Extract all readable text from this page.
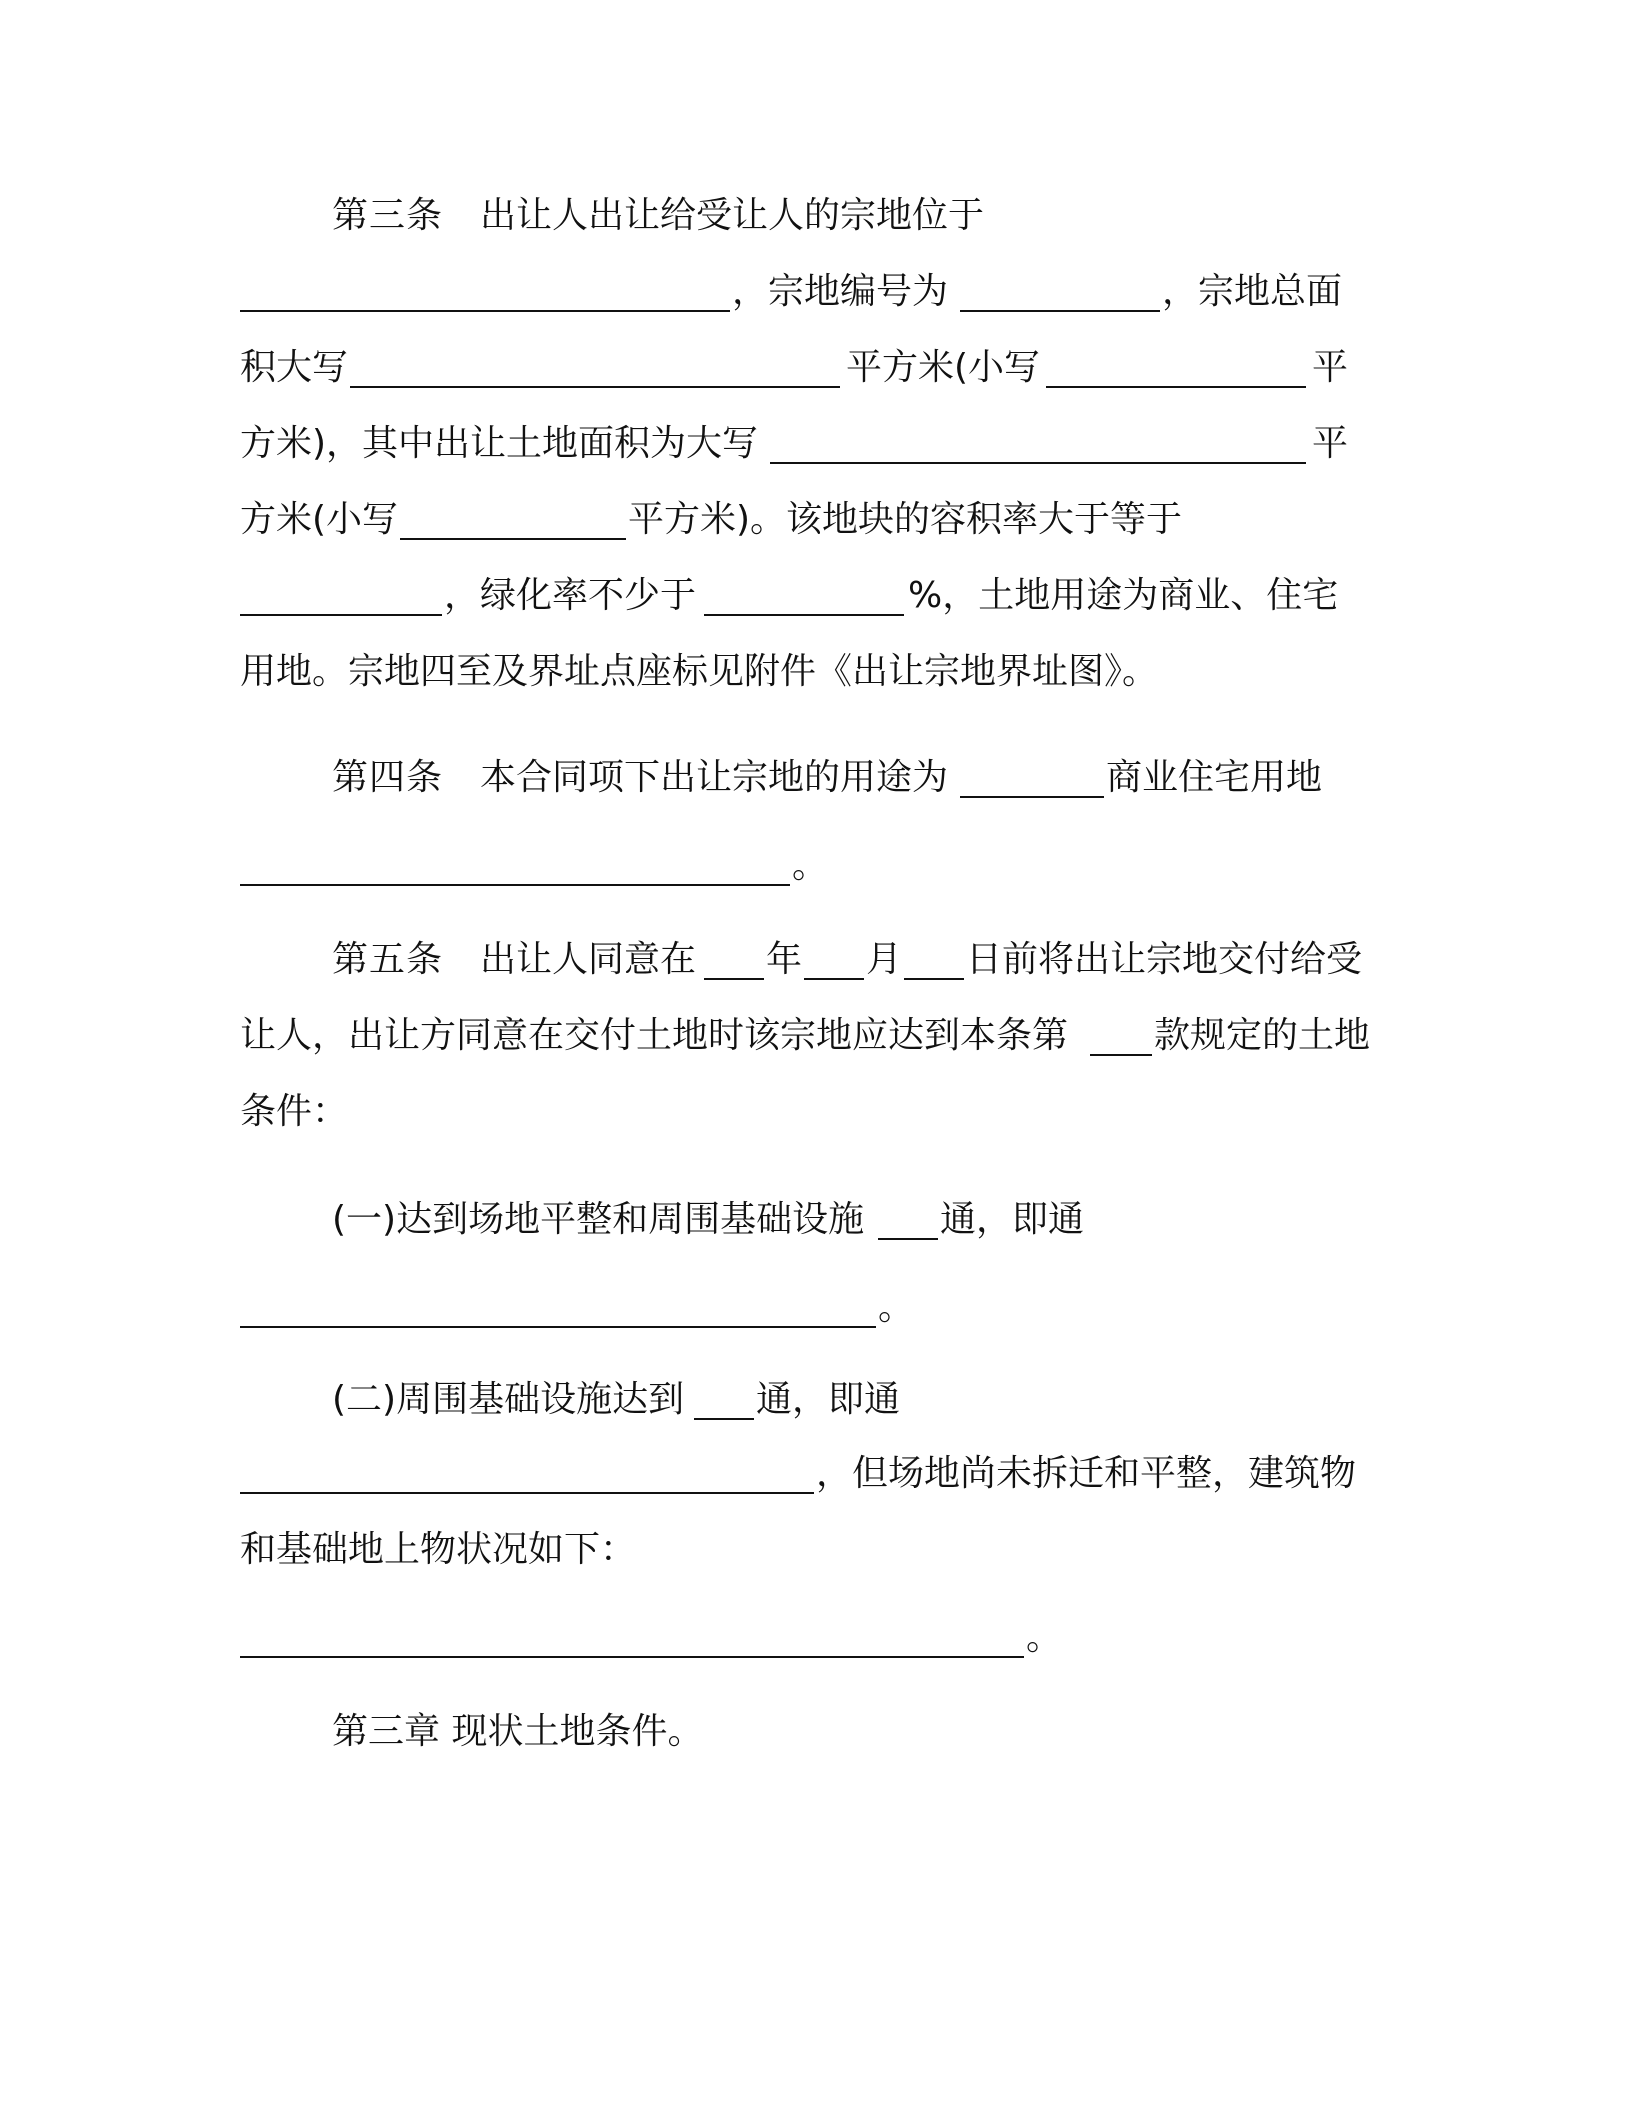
第三条 出让人出让给受让人的宗地位于
，宗地编号为	，宗地总面
积大写	平方米(小写	平
方米)，其中出让土地面积为大写	平
方米(小写	平方米)。该地块的容积率大于等于
，绿化率不少于	%，土地用途为商业、住宅
用地。宗地四至及界址点座标见附件《出让宗地界址图》。
第四条 本合同项下出让宗地的用途为	商业住宅用地
。
第五条 出让人同意在 年 月 日前将出让宗地交付给受
让人，出让方同意在交付土地时该宗地应达到本条第 款规定的土地
条件：
(一)达到场地平整和周围基础设施 通，即通
。
(二)周围基础设施达到 通，即通
，但场地尚未拆迁和平整，建筑物
和基础地上物状况如下：
。
第三章 现状土地条件。
